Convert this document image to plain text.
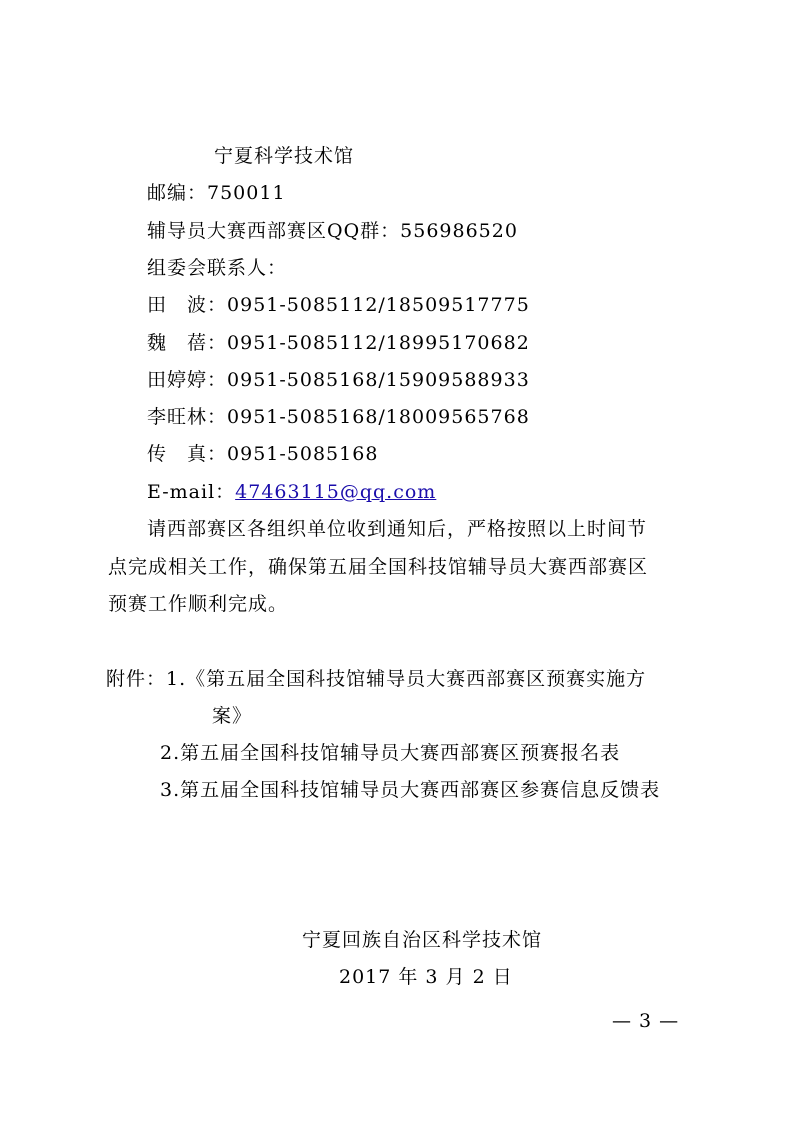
宁夏科学技术馆
邮编：750011
辅导员大赛西部赛区QQ群：556986520
组委会联系人：
田　波：0951-5085112/18509517775
魏　蓓：0951-5085112/18995170682
田婷婷：0951-5085168/15909588933
李旺林：0951-5085168/18009565768
传　真：0951-5085168
E-mail：47463115@qq.com
请西部赛区各组织单位收到通知后，严格按照以上时间节
点完成相关工作，确保第五届全国科技馆辅导员大赛西部赛区
预赛工作顺利完成。
附件：1.《第五届全国科技馆辅导员大赛西部赛区预赛实施方
案》
2.第五届全国科技馆辅导员大赛西部赛区预赛报名表
3.第五届全国科技馆辅导员大赛西部赛区参赛信息反馈表
宁夏回族自治区科学技术馆
2017 年 3 月 2 日
— 3 —
